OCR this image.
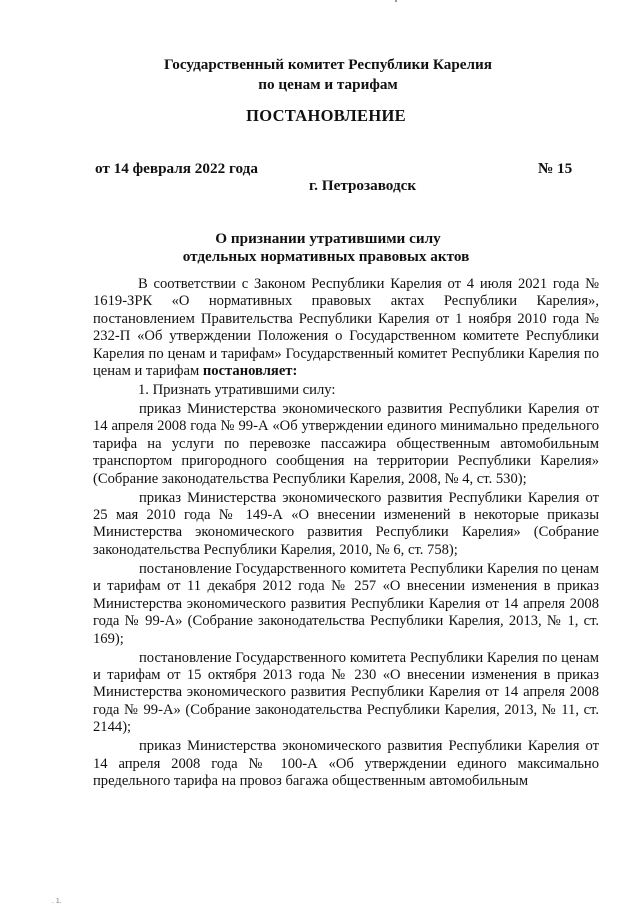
Государственный комитет Республики Карелия
по ценам и тарифам
ПОСТАНОВЛЕНИЕ
от 14 февраля 2022 года	№ 15
г. Петрозаводск
О признании утратившими силу
отдельных нормативных правовых актов

В соответствии с Законом Республики Карелия от 4 июля 2021 года № 1619-ЗРК «О нормативных правовых актах Республики Карелия», постановлением Правительства Республики Карелия от 1 ноября 2010 года № 232-П «Об утверждении Положения о Государственном комитете Республики Карелия по ценам и тарифам» Государственный комитет Республики Карелия по ценам и тарифам постановляет:

1. Признать утратившими силу:

приказ Министерства экономического развития Республики Карелия от 14 апреля 2008 года № 99-А «Об утверждении единого минимально предельного тарифа на услуги по перевозке пассажира общественным автомобильным транспортом пригородного сообщения на территории Республики Карелия» (Собрание законодательства Республики Карелия, 2008, № 4, ст. 530);

приказ Министерства экономического развития Республики Карелия от 25 мая 2010 года № 149-А «О внесении изменений в некоторые приказы Министерства экономического развития Республики Карелия» (Собрание законодательства Республики Карелия, 2010, № 6, ст. 758);

постановление Государственного комитета Республики Карелия по ценам и тарифам от 11 декабря 2012 года № 257 «О внесении изменения в приказ Министерства экономического развития Республики Карелия от 14 апреля 2008 года № 99-А» (Собрание законодательства Республики Карелия, 2013, № 1, ст. 169);

постановление Государственного комитета Республики Карелия по ценам и тарифам от 15 октября 2013 года № 230 «О внесении изменения в приказ Министерства экономического развития Республики Карелия от 14 апреля 2008 года № 99-А» (Собрание законодательства Республики Карелия, 2013, № 11, ст. 2144);

приказ Министерства экономического развития Республики Карелия от 14 апреля 2008 года № 100-А «Об утверждении единого максимально предельного тарифа на провоз багажа общественным автомобильным

. 1.
